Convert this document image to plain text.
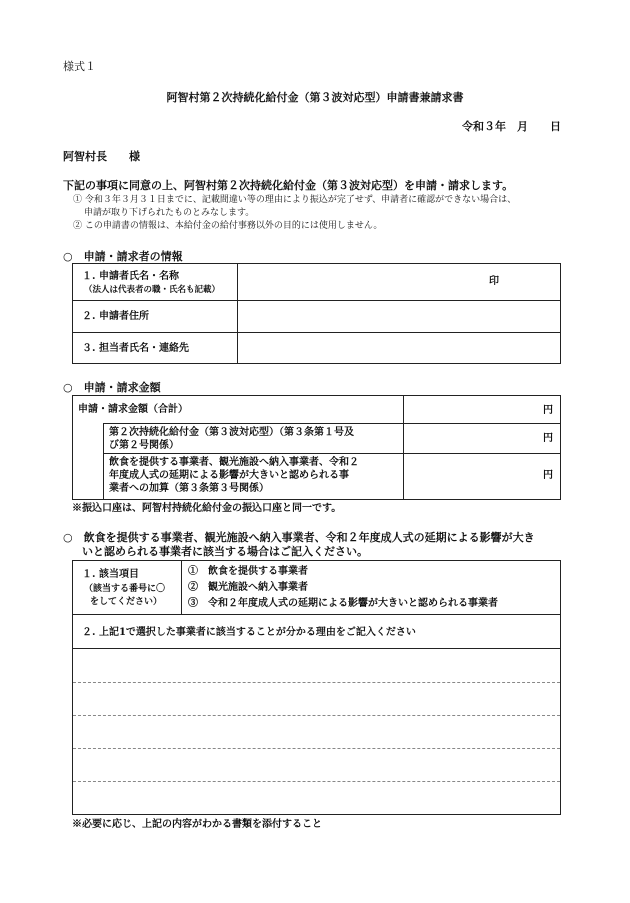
様式１
阿智村第２次持続化給付金（第３波対応型）申請書兼請求書
令和３年　月　　日
阿智村長　　様
下記の事項に同意の上、阿智村第２次持続化給付金（第３波対応型）を申請・請求します。
① 令和３年３月３１日までに、記載間違い等の理由により振込が完了せず、申請者に確認ができない場合は、
申請が取り下げられたものとみなします。
② この申請書の情報は、本給付金の給付事務以外の目的には使用しません。
○　申請・請求者の情報
１. 申請者氏名・名称
（法人は代表者の職・氏名も記載）
印
２. 申請者住所
３. 担当者氏名・連絡先
○　申請・請求金額
申請・請求金額（合計）	円
第２次持続化給付金（第３波対応型）（第３条第１号及
び第２号関係）
円
飲食を提供する事業者、観光施設へ納入事業者、令和２
年度成人式の延期による影響が大きいと認められる事
業者への加算（第３条第３号関係）
円
※振込口座は、阿智村持続化給付金の振込口座と同一です。
○　飲食を提供する事業者、観光施設へ納入事業者、令和２年度成人式の延期による影響が大き
いと認められる事業者に該当する場合はご記入ください。
１. 該当項目
（該当する番号に〇
をしてください）
①　飲食を提供する事業者
②　観光施設へ納入事業者
③　令和２年度成人式の延期による影響が大きいと認められる事業者
２. 上記1で選択した事業者に該当することが分かる理由をご記入ください
※必要に応じ、上記の内容がわかる書類を添付すること
